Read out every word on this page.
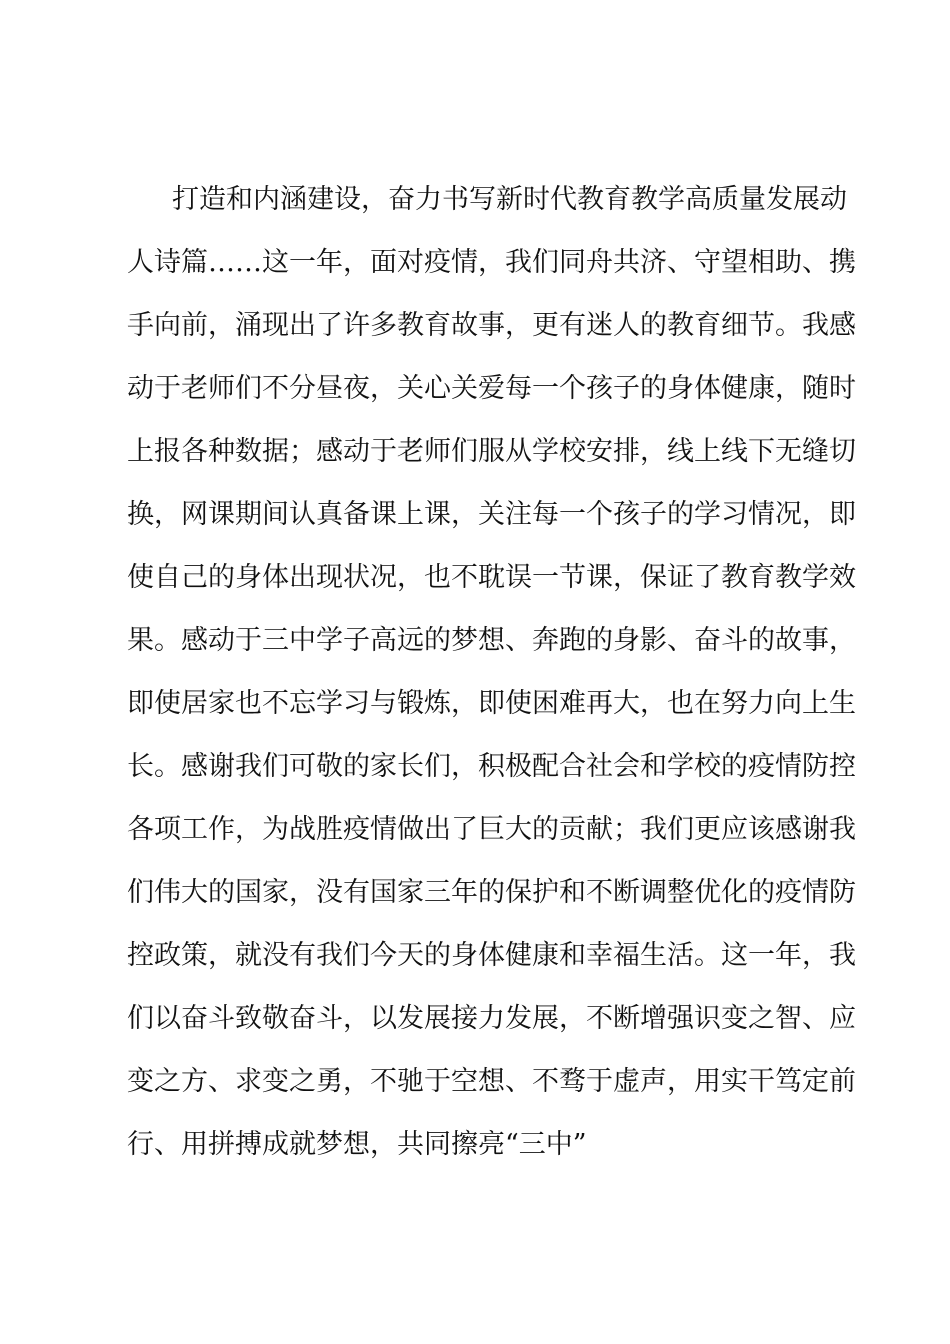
打造和内涵建设，奋力书写新时代教育教学高质量发展动
人诗篇……这一年，面对疫情，我们同舟共济、守望相助、携
手向前，涌现出了许多教育故事，更有迷人的教育细节。我感
动于老师们不分昼夜，关心关爱每一个孩子的身体健康，随时
上报各种数据；感动于老师们服从学校安排，线上线下无缝切
换，网课期间认真备课上课，关注每一个孩子的学习情况，即
使自己的身体出现状况，也不耽误一节课，保证了教育教学效
果。感动于三中学子高远的梦想、奔跑的身影、奋斗的故事，
即使居家也不忘学习与锻炼，即使困难再大，也在努力向上生
长。感谢我们可敬的家长们，积极配合社会和学校的疫情防控
各项工作，为战胜疫情做出了巨大的贡献；我们更应该感谢我
们伟大的国家，没有国家三年的保护和不断调整优化的疫情防
控政策，就没有我们今天的身体健康和幸福生活。这一年，我
们以奋斗致敬奋斗，以发展接力发展，不断增强识变之智、应
变之方、求变之勇，不驰于空想、不骛于虚声，用实干笃定前
行、用拼搏成就梦想，共同擦亮“三中”
